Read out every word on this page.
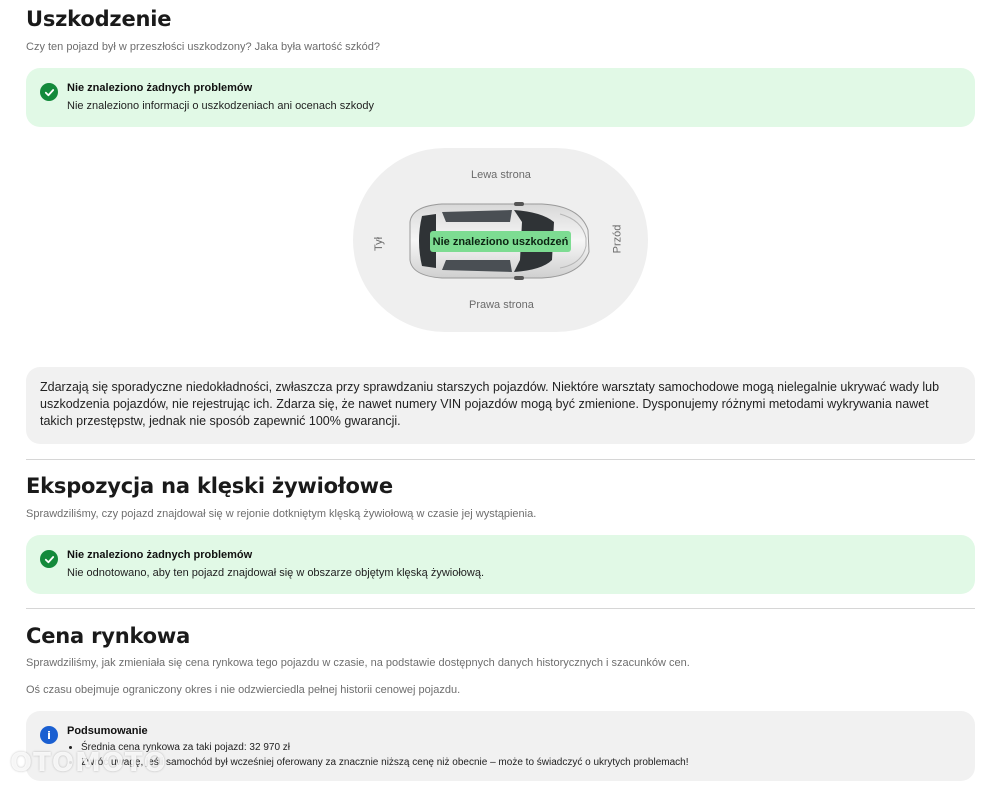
Uszkodzenie
Czy ten pojazd był w przeszłości uszkodzony? Jaka była wartość szkód?
Nie znaleziono żadnych problemów
Nie znaleziono informacji o uszkodzeniach ani ocenach szkody
Lewa strona
Prawa strona
Tył	Przód
Nie znaleziono uszkodzeń
Zdarzają się sporadyczne niedokładności, zwłaszcza przy sprawdzaniu starszych pojazdów. Niektóre warsztaty samochodowe mogą nielegalnie ukrywać wady lub uszkodzenia pojazdów, nie rejestrując ich. Zdarza się, że nawet numery VIN pojazdów mogą być zmienione. Dysponujemy różnymi metodami wykrywania nawet takich przestępstw, jednak nie sposób zapewnić 100% gwarancji.
Ekspozycja na klęski żywiołowe
Sprawdziliśmy, czy pojazd znajdował się w rejonie dotkniętym klęską żywiołową w czasie jej wystąpienia.
Nie znaleziono żadnych problemów
Nie odnotowano, aby ten pojazd znajdował się w obszarze objętym klęską żywiołową.
Cena rynkowa
Sprawdziliśmy, jak zmieniała się cena rynkowa tego pojazdu w czasie, na podstawie dostępnych danych historycznych i szacunków cen.
Oś czasu obejmuje ograniczony okres i nie odzwierciedla pełnej historii cenowej pojazdu.
i	Podsumowanie
• Średnia cena rynkowa za taki pojazd: 32 970 zł
• Zwróć uwagę, jeśli samochód był wcześniej oferowany za znacznie niższą cenę niż obecnie – może to świadczyć o ukrytych problemach!
OTOMOTO
